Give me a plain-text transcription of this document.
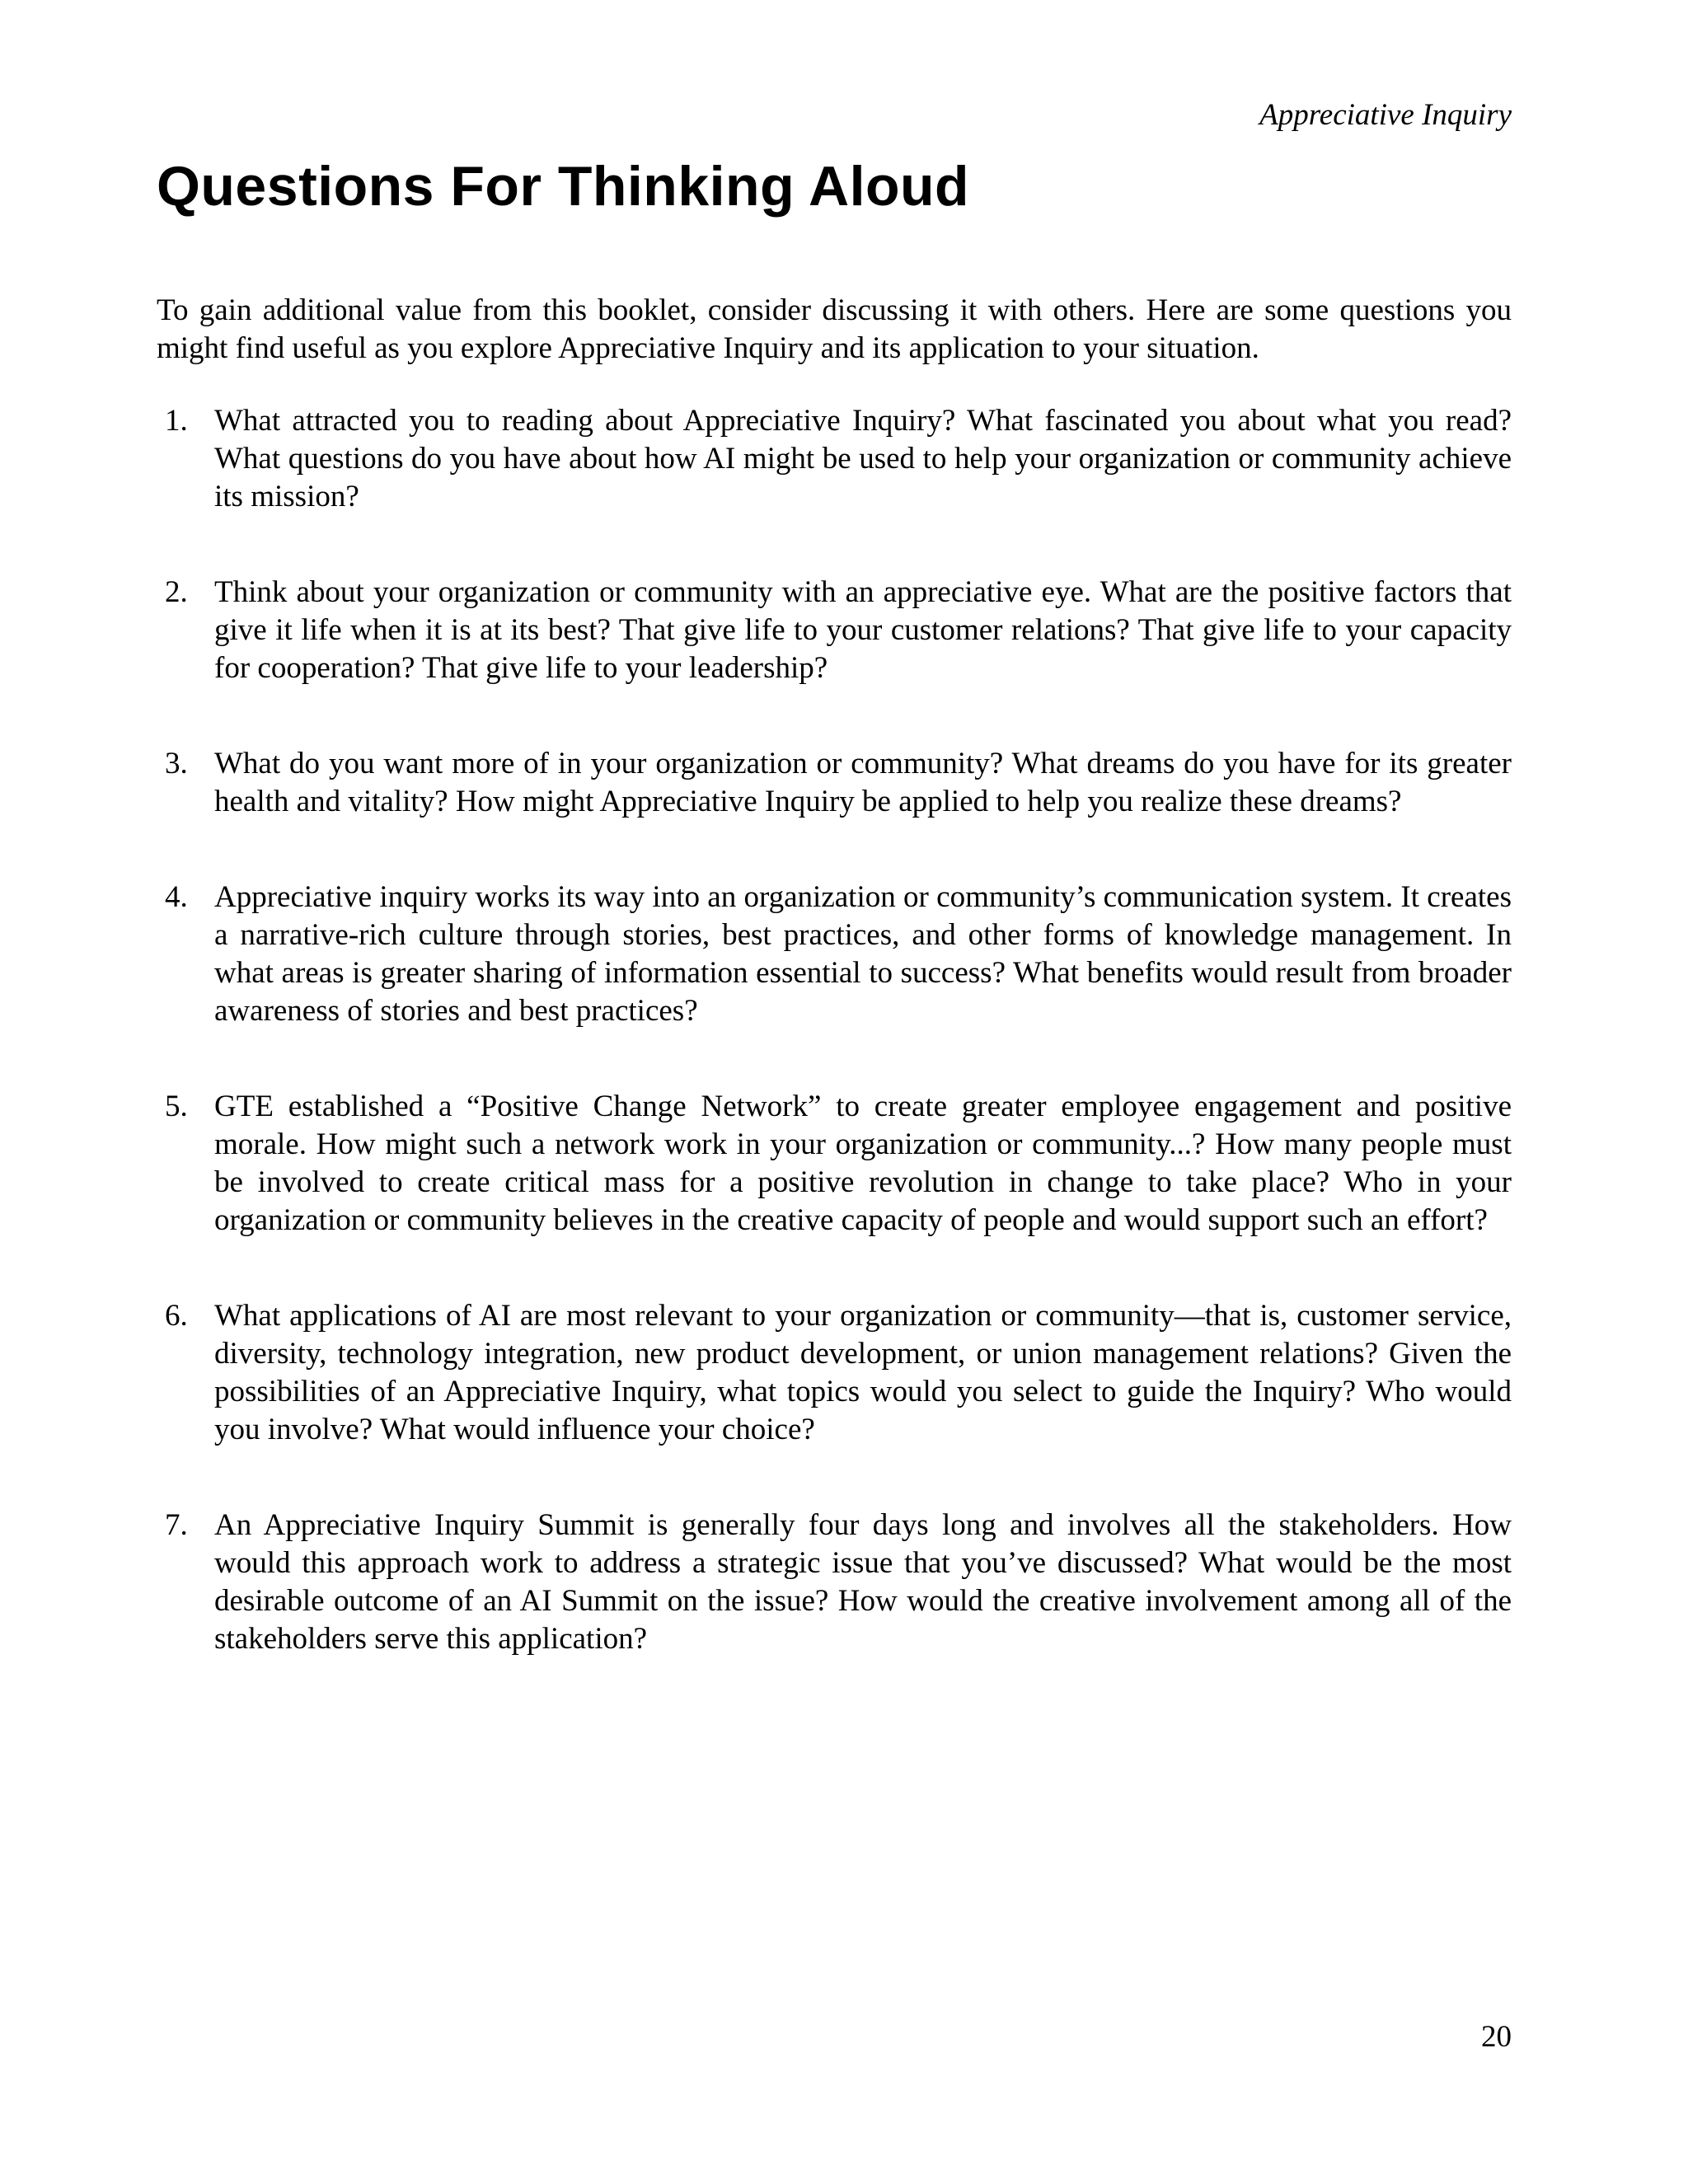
Appreciative Inquiry
Questions For Thinking Aloud

To gain additional value from this booklet, consider discussing it with others. Here are some questions you might find useful as you explore Appreciative Inquiry and its application to your situation.

1. What attracted you to reading about Appreciative Inquiry? What fascinated you about what you read? What questions do you have about how AI might be used to help your organization or community achieve its mission?
2. Think about your organization or community with an appreciative eye. What are the positive factors that give it life when it is at its best? That give life to your customer relations? That give life to your capacity for cooperation? That give life to your leadership?
3. What do you want more of in your organization or community? What dreams do you have for its greater health and vitality? How might Appreciative Inquiry be applied to help you realize these dreams?
4. Appreciative inquiry works its way into an organization or community’s communication system. It creates a narrative-rich culture through stories, best practices, and other forms of knowledge management. In what areas is greater sharing of information essential to success? What benefits would result from broader awareness of stories and best practices?
5. GTE established a “Positive Change Network” to create greater employee engagement and positive morale. How might such a network work in your organization or community...? How many people must be involved to create critical mass for a positive revolution in change to take place? Who in your organization or community believes in the creative capacity of people and would support such an effort?
6. What applications of AI are most relevant to your organization or community—that is, customer service, diversity, technology integration, new product development, or union management relations? Given the possibilities of an Appreciative Inquiry, what topics would you select to guide the Inquiry? Who would you involve? What would influence your choice?
7. An Appreciative Inquiry Summit is generally four days long and involves all the stakeholders. How would this approach work to address a strategic issue that you’ve discussed? What would be the most desirable outcome of an AI Summit on the issue? How would the creative involvement among all of the stakeholders serve this application?
20
